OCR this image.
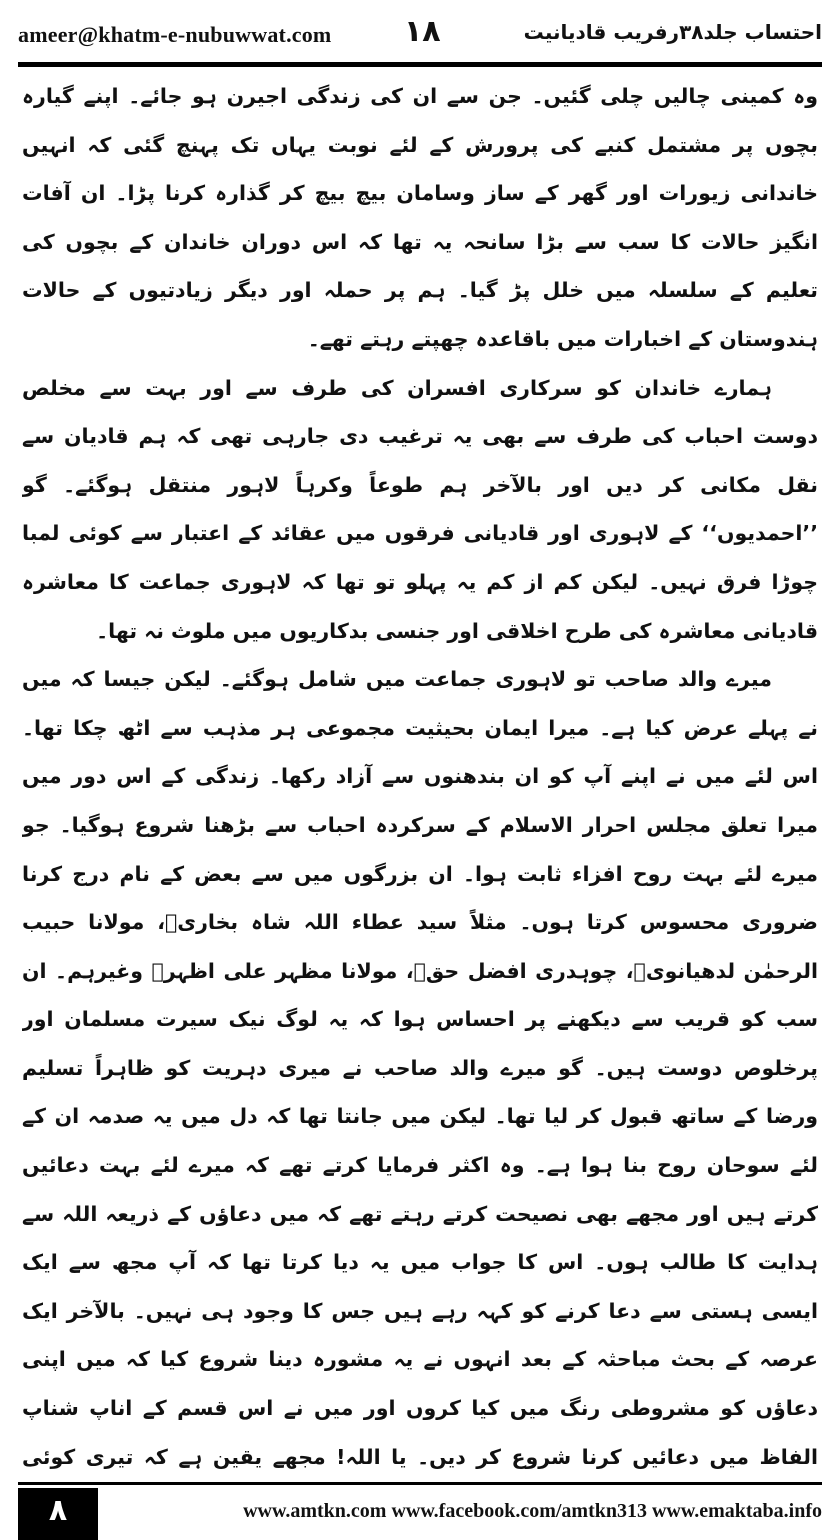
ameer@khatm-e-nubuwwat.com ۱۸	احتساب جلد۳۸رفریب قادیانیت

وہ کمینی چالیں چلی گئیں۔ جن سے ان کی زندگی اجیرن ہو جائے۔ اپنے گیارہ بچوں پر مشتمل کنبے کی پرورش کے لئے نوبت یہاں تک پہنچ گئی کہ انہیں خاندانی زیورات اور گھر کے ساز وسامان بیچ بیچ کر گذارہ کرنا پڑا۔ ان آفات انگیز حالات کا سب سے بڑا سانحہ یہ تھا کہ اس دوران خاندان کے بچوں کی تعلیم کے سلسلہ میں خلل پڑ گیا۔ ہم پر حملہ اور دیگر زیادتیوں کے حالات ہندوستان کے اخبارات میں باقاعدہ چھپتے رہتے تھے۔

ہمارے خاندان کو سرکاری افسران کی طرف سے اور بہت سے مخلص دوست احباب کی طرف سے بھی یہ ترغیب دی جارہی تھی کہ ہم قادیان سے نقل مکانی کر دیں اور بالآخر ہم طوعاً وکرہاً لاہور منتقل ہوگئے۔ گو ’’احمدیوں‘‘ کے لاہوری اور قادیانی فرقوں میں عقائد کے اعتبار سے کوئی لمبا چوڑا فرق نہیں۔ لیکن کم از کم یہ پہلو تو تھا کہ لاہوری جماعت کا معاشرہ قادیانی معاشرہ کی طرح اخلاقی اور جنسی بدکاریوں میں ملوث نہ تھا۔

میرے والد صاحب تو لاہوری جماعت میں شامل ہوگئے۔ لیکن جیسا کہ میں نے پہلے عرض کیا ہے۔ میرا ایمان بحیثیت مجموعی ہر مذہب سے اٹھ چکا تھا۔ اس لئے میں نے اپنے آپ کو ان بندھنوں سے آزاد رکھا۔ زندگی کے اس دور میں میرا تعلق مجلس احرار الاسلام کے سرکردہ احباب سے بڑھنا شروع ہوگیا۔ جو میرے لئے بہت روح افزاء ثابت ہوا۔ ان بزرگوں میں سے بعض کے نام درج کرنا ضروری محسوس کرتا ہوں۔ مثلاً سید عطاء اللہ شاہ بخاریؒ، مولانا حبیب الرحمٰن لدھیانویؒ، چوہدری افضل حقؒ، مولانا مظہر علی اظہرؒ وغیرہم۔ ان سب کو قریب سے دیکھنے پر احساس ہوا کہ یہ لوگ نیک سیرت مسلمان اور پرخلوص دوست ہیں۔ گو میرے والد صاحب نے میری دہریت کو ظاہراً تسلیم ورضا کے ساتھ قبول کر لیا تھا۔ لیکن میں جانتا تھا کہ دل میں یہ صدمہ ان کے لئے سوحان روح بنا ہوا ہے۔ وہ اکثر فرمایا کرتے تھے کہ میرے لئے بہت دعائیں کرتے ہیں اور مجھے بھی نصیحت کرتے رہتے تھے کہ میں دعاؤں کے ذریعہ اللہ سے ہدایت کا طالب ہوں۔ اس کا جواب میں یہ دیا کرتا تھا کہ آپ مجھ سے ایک ایسی ہستی سے دعا کرنے کو کہہ رہے ہیں جس کا وجود ہی نہیں۔ بالآخر ایک عرصہ کے بحث مباحثہ کے بعد انہوں نے یہ مشورہ دینا شروع کیا کہ میں اپنی دعاؤں کو مشروطی رنگ میں کیا کروں اور میں نے اس قسم کے اناپ شناپ الفاظ میں دعائیں کرنا شروع کر دیں۔ یا اللہ! مجھے یقین ہے کہ تیری کوئی

۸	www.amtkn.com www.facebook.com/amtkn313 www.emaktaba.info
